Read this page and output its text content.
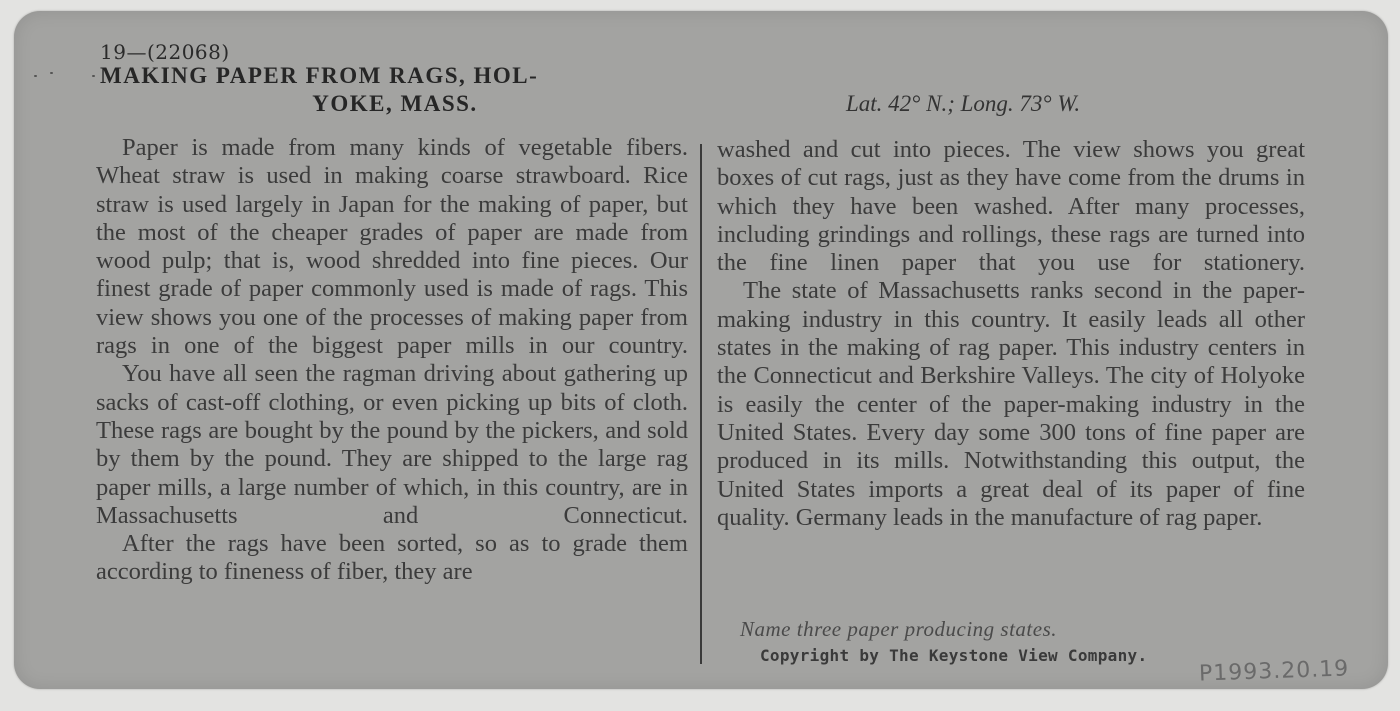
19—(22068)
MAKING PAPER FROM RAGS, HOL-
YOKE, MASS.	Lat. 42° N.; Long. 73° W.

Paper is made from many kinds of vegetable fibers. Wheat straw is used in making coarse strawboard. Rice straw is used largely in Japan for the making of paper, but the most of the cheaper grades of paper are made from wood pulp; that is, wood shredded into fine pieces. Our finest grade of paper commonly used is made of rags. This view shows you one of the processes of making paper from rags in one of the biggest paper mills in our country.

You have all seen the ragman driving about gathering up sacks of cast-off clothing, or even picking up bits of cloth. These rags are bought by the pound by the pickers, and sold by them by the pound. They are shipped to the large rag paper mills, a large number of which, in this country, are in Massachusetts and Connecticut.

After the rags have been sorted, so as to grade them according to fineness of fiber, they are

washed and cut into pieces. The view shows you great boxes of cut rags, just as they have come from the drums in which they have been washed. After many processes, including grindings and rollings, these rags are turned into the fine linen paper that you use for stationery.

The state of Massachusetts ranks second in the paper-making industry in this country. It easily leads all other states in the making of rag paper. This industry centers in the Connecticut and Berkshire Valleys. The city of Holyoke is easily the center of the paper-making industry in the United States. Every day some 300 tons of fine paper are produced in its mills. Notwithstanding this output, the United States imports a great deal of its paper of fine quality. Germany leads in the manufacture of rag paper.

Name three paper producing states.
Copyright by The Keystone View Company.
P1993.20.19
